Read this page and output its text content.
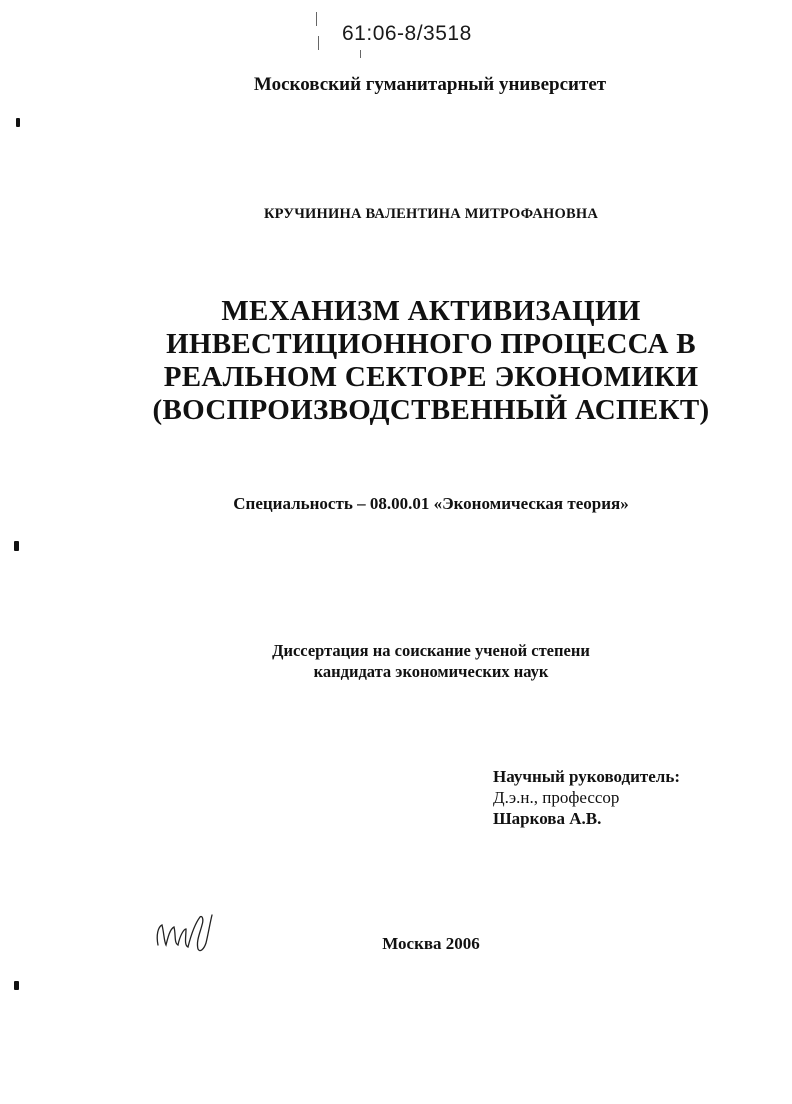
61:06-8/3518
Московский гуманитарный университет
КРУЧИНИНА ВАЛЕНТИНА МИТРОФАНОВНА
МЕХАНИЗМ АКТИВИЗАЦИИ
ИНВЕСТИЦИОННОГО ПРОЦЕССА В
РЕАЛЬНОМ СЕКТОРЕ ЭКОНОМИКИ
(ВОСПРОИЗВОДСТВЕННЫЙ АСПЕКТ)
Специальность – 08.00.01 «Экономическая теория»
Диссертация на соискание ученой степени
кандидата экономических наук
Научный руководитель:
Д.э.н., профессор
Шаркова А.В.
Москва 2006
